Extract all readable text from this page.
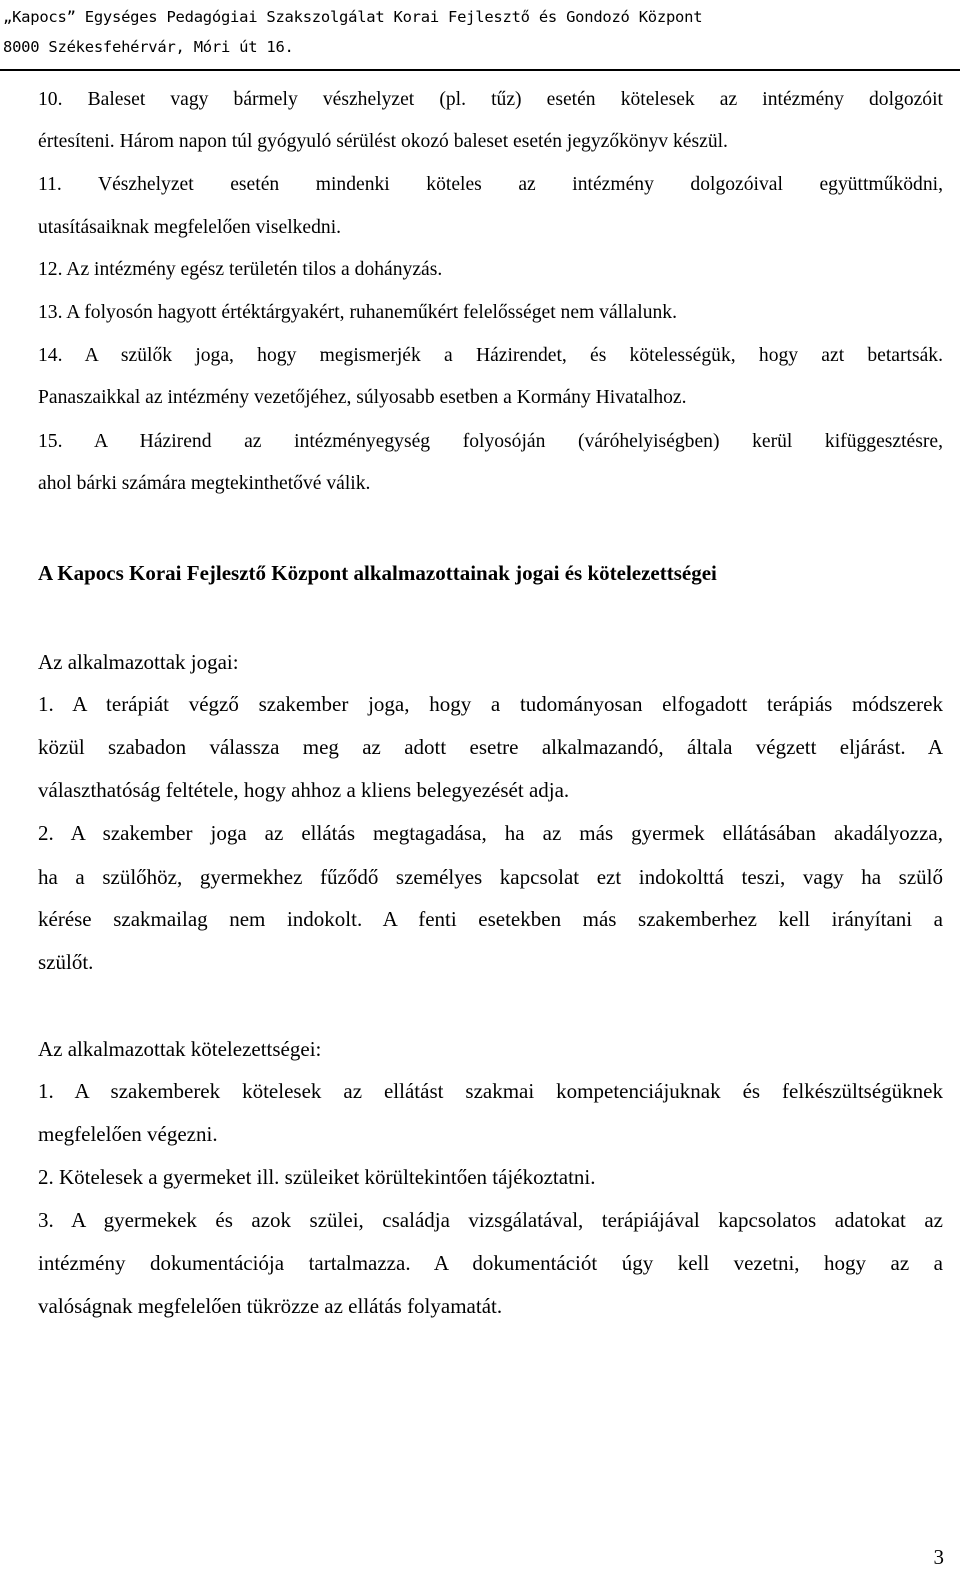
„Kapocs” Egységes Pedagógiai Szakszolgálat Korai Fejlesztő és Gondozó Központ
8000 Székesfehérvár, Móri út 16.
10. Baleset vagy bármely vészhelyzet (pl. tűz) esetén kötelesek az intézmény dolgozóit
értesíteni. Három napon túl gyógyuló sérülést okozó baleset esetén jegyzőkönyv készül.
11. Vészhelyzet esetén mindenki köteles az intézmény dolgozóival együttműködni,
utasításaiknak megfelelően viselkedni.
12. Az intézmény egész területén tilos a dohányzás.
13. A folyosón hagyott értéktárgyakért, ruhaneműkért felelősséget nem vállalunk.
14. A szülők joga, hogy megismerjék a Házirendet, és kötelességük, hogy azt betartsák.
Panaszaikkal az intézmény vezetőjéhez, súlyosabb esetben a Kormány Hivatalhoz.
15. A Házirend az intézményegység folyosóján (váróhelyiségben) kerül kifüggesztésre,
ahol bárki számára megtekinthetővé válik.
A Kapocs Korai Fejlesztő Központ alkalmazottainak jogai és kötelezettségei
Az alkalmazottak jogai:
1. A terápiát végző szakember joga, hogy a tudományosan elfogadott terápiás módszerek
közül szabadon válassza meg az adott esetre alkalmazandó, általa végzett eljárást. A
választhatóság feltétele, hogy ahhoz a kliens belegyezését adja.
2. A szakember joga az ellátás megtagadása, ha az más gyermek ellátásában akadályozza,
ha a szülőhöz, gyermekhez fűződő személyes kapcsolat ezt indokolttá teszi, vagy ha szülő
kérése szakmailag nem indokolt. A fenti esetekben más szakemberhez kell irányítani a
szülőt.
Az alkalmazottak kötelezettségei:
1. A szakemberek kötelesek az ellátást szakmai kompetenciájuknak és felkészültségüknek
megfelelően végezni.
2. Kötelesek a gyermeket ill. szüleiket körültekintően tájékoztatni.
3. A gyermekek és azok szülei, családja vizsgálatával, terápiájával kapcsolatos adatokat az
intézmény dokumentációja tartalmazza. A dokumentációt úgy kell vezetni, hogy az a
valóságnak megfelelően tükrözze az ellátás folyamatát.
3
